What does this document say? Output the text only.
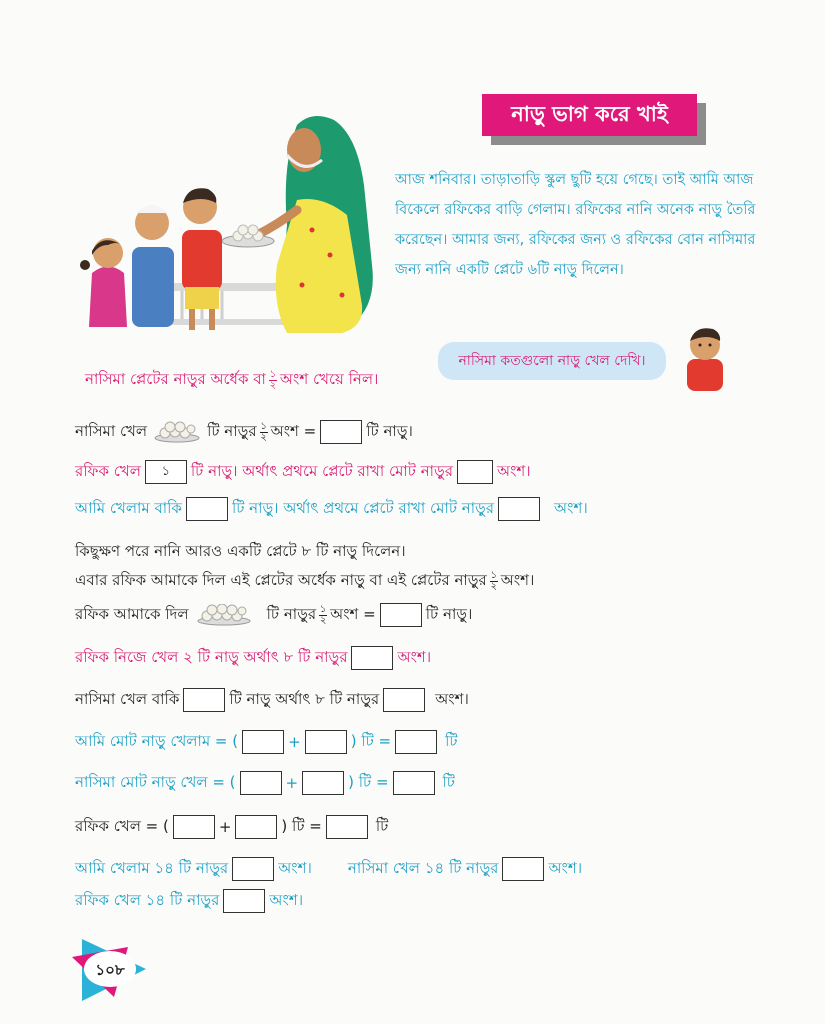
নাড়ু ভাগ করে খাই
আজ শনিবার। তাড়াতাড়ি স্কুল ছুটি হয়ে গেছে। তাই আমি আজ বিকেলে রফিকের বাড়ি গেলাম। রফিকের নানি অনেক নাড়ু তৈরি করেছেন। আমার জন্য, রফিকের জন্য ও রফিকের বোন নাসিমার জন্য নানি একটি প্লেটে ৬টি নাড়ু দিলেন।
নাসিমা কতগুলো নাড়ু খেল দেখি।
নাসিমা প্লেটের নাড়ুর অর্ধেক বা $\frac{১}{২}$ অংশ খেয়ে নিল।
নাসিমা খেল	টি নাড়ুর $\frac{১}{২}$ অংশ =	টি নাড়ু।
রফিক খেল	১	টি নাড়ু। অর্থাৎ প্রথমে প্লেটে রাখা মোট নাড়ুর	অংশ।
আমি খেলাম বাকি	টি নাড়ু। অর্থাৎ প্রথমে প্লেটে রাখা মোট নাড়ুর	অংশ।
কিছুক্ষণ পরে নানি আরও একটি প্লেটে ৮ টি নাড়ু দিলেন।
এবার রফিক আমাকে দিল এই প্লেটের অর্ধেক নাড়ু বা এই প্লেটের নাড়ুর $\frac{১}{২}$ অংশ।
রফিক আমাকে দিল	টি নাড়ুর $\frac{১}{২}$ অংশ =	টি নাড়ু।
রফিক নিজে খেল ২ টি নাড়ু অর্থাৎ ৮ টি নাড়ুর	অংশ।
নাসিমা খেল বাকি	টি নাড়ু অর্থাৎ ৮ টি নাড়ুর	অংশ।
আমি মোট নাড়ু খেলাম = (	+	) টি =	টি
নাসিমা মোট নাড়ু খেল = (	+	) টি =	টি
রফিক খেল = (	+	) টি =	টি
আমি খেলাম ১৪ টি নাড়ুর	অংশ। নাসিমা খেল ১৪ টি নাড়ুর	অংশ।
রফিক খেল ১৪ টি নাড়ুর	অংশ।
১০৮
